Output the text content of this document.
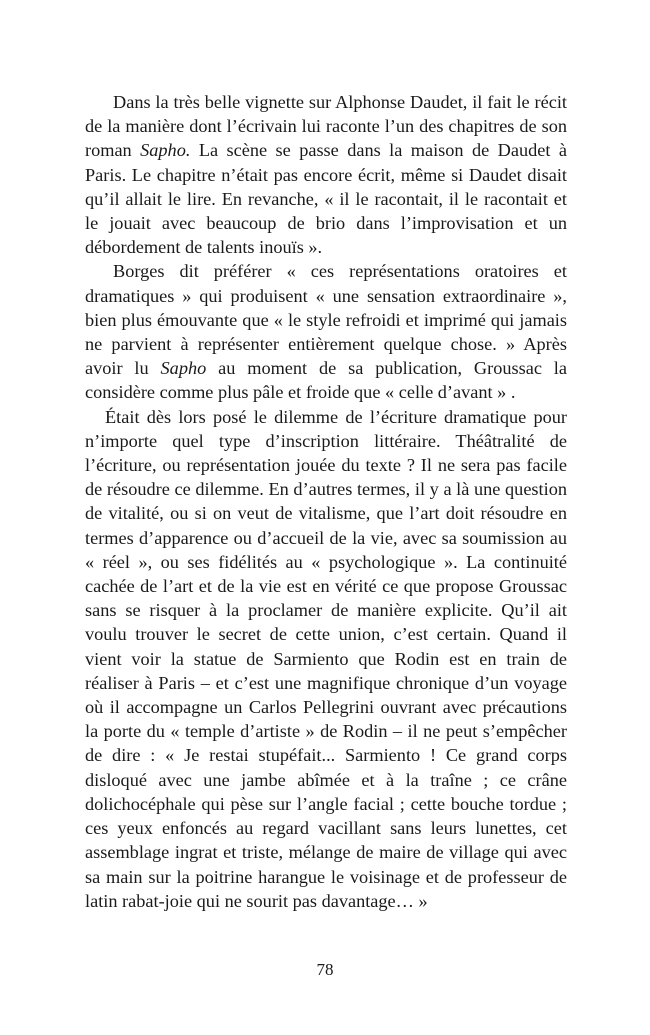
Dans la très belle vignette sur Alphonse Daudet, il fait le récit de la manière dont l’écrivain lui raconte l’un des chapitres de son roman Sapho. La scène se passe dans la maison de Daudet à Paris. Le chapitre n’était pas encore écrit, même si Daudet disait qu’il allait le lire. En revanche, « il le racontait, il le racontait et le jouait avec beaucoup de brio dans l’improvisation et un débordement de talents inouïs ».

Borges dit préférer « ces représentations oratoires et dramatiques » qui produisent « une sensation extraordinaire », bien plus émouvante que « le style refroidi et imprimé qui jamais ne parvient à représenter entièrement quelque chose. » Après avoir lu Sapho au moment de sa publication, Groussac la considère comme plus pâle et froide que « celle d’avant » .

Était dès lors posé le dilemme de l’écriture dramatique pour n’importe quel type d’inscription littéraire. Théâtralité de l’écriture, ou représentation jouée du texte ? Il ne sera pas facile de résoudre ce dilemme. En d’autres termes, il y a là une question de vitalité, ou si on veut de vitalisme, que l’art doit résoudre en termes d’apparence ou d’accueil de la vie, avec sa soumission au « réel », ou ses fidélités au « psychologique ». La continuité cachée de l’art et de la vie est en vérité ce que propose Groussac sans se risquer à la proclamer de manière explicite. Qu’il ait voulu trouver le secret de cette union, c’est certain. Quand il vient voir la statue de Sarmiento que Rodin est en train de réaliser à Paris – et c’est une magnifique chronique d’un voyage où il accompagne un Carlos Pellegrini ouvrant avec précautions la porte du « temple d’artiste » de Rodin – il ne peut s’empêcher de dire : « Je restai stupéfait... Sarmiento ! Ce grand corps disloqué avec une jambe abîmée et à la traîne ; ce crâne dolichocéphale qui pèse sur l’angle facial ; cette bouche tordue ; ces yeux enfoncés au regard vacillant sans leurs lunettes, cet assemblage ingrat et triste, mélange de maire de village qui avec sa main sur la poitrine harangue le voisinage et de professeur de latin rabat-joie qui ne sourit pas davantage… »

78
